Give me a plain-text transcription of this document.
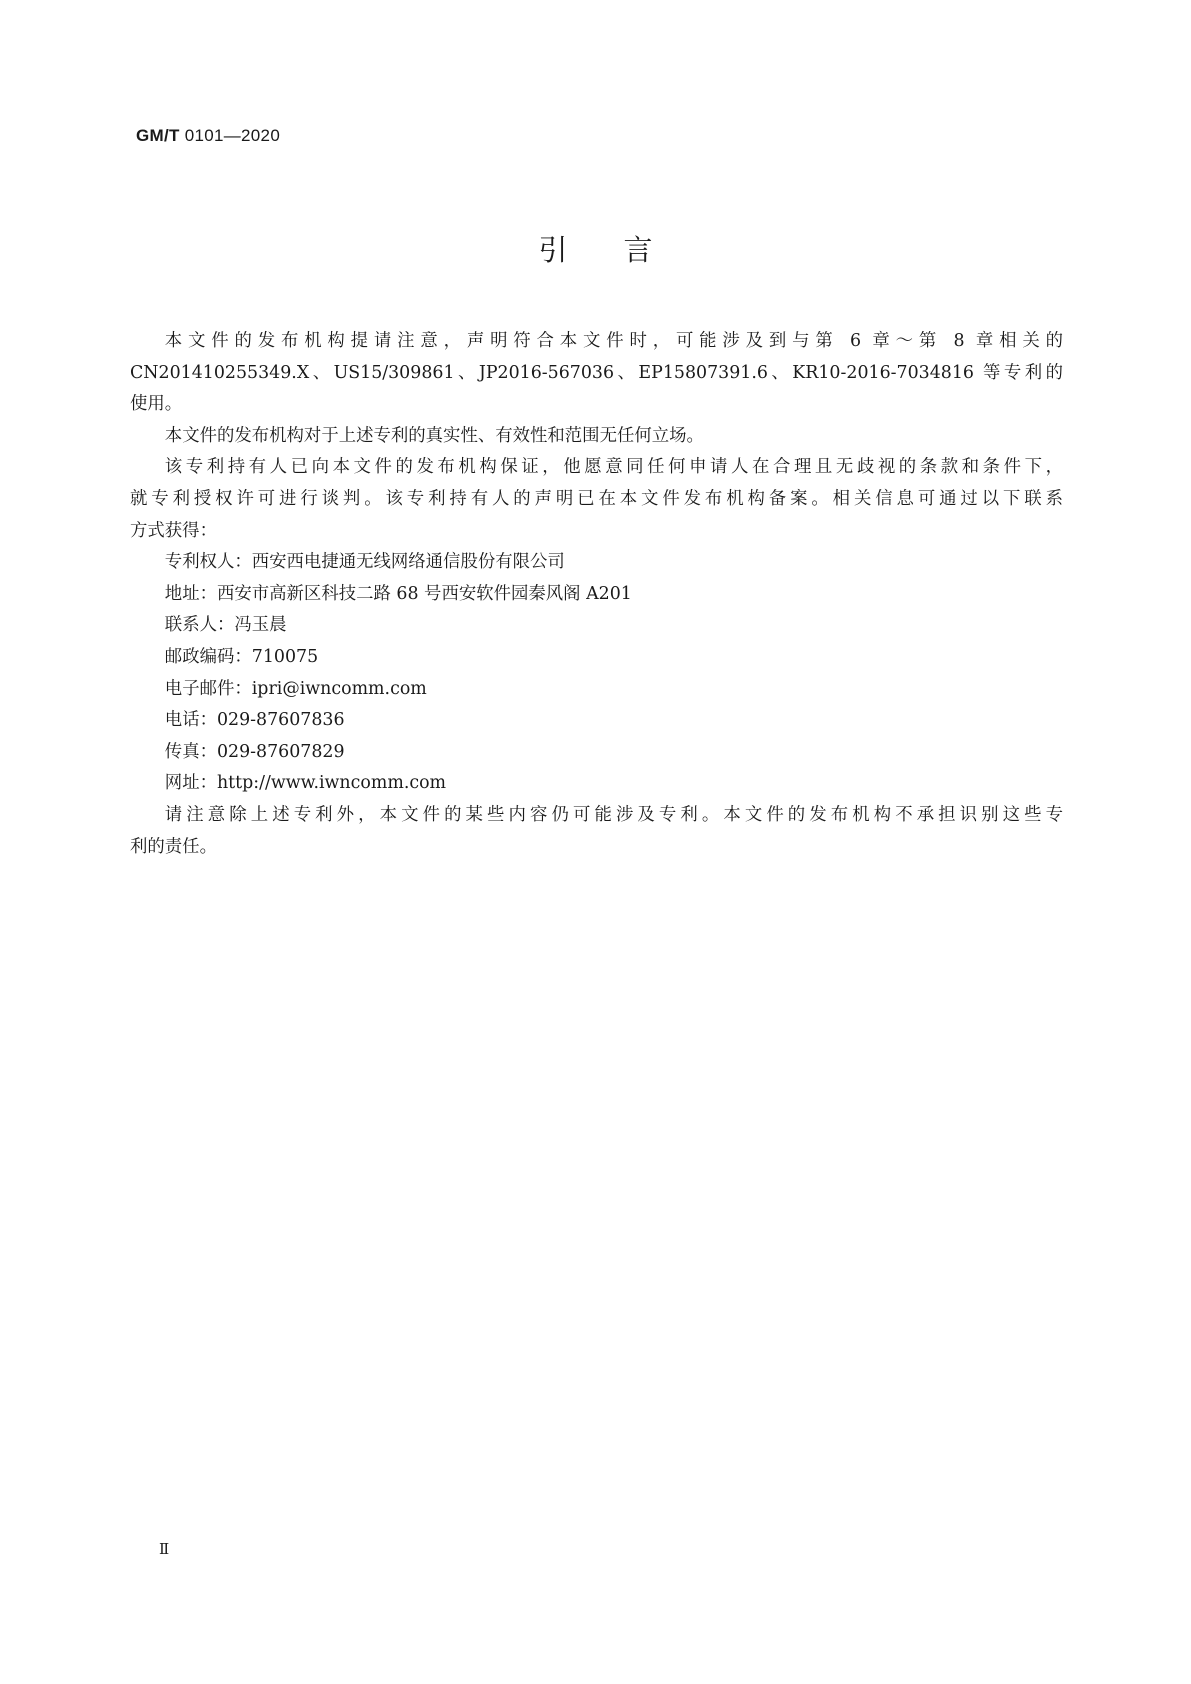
GM/T 0101—2020
引言

本文件的发布机构提请注意，声明符合本文件时，可能涉及到与第 6 章～第 8 章相关的

CN201410255349.X、US15/309861、JP2016-567036、EP15807391.6、KR10-2016-7034816 等专利的

使用。

本文件的发布机构对于上述专利的真实性、有效性和范围无任何立场。

该专利持有人已向本文件的发布机构保证，他愿意同任何申请人在合理且无歧视的条款和条件下，

就专利授权许可进行谈判。该专利持有人的声明已在本文件发布机构备案。相关信息可通过以下联系

方式获得：

专利权人：西安西电捷通无线网络通信股份有限公司

地址：西安市高新区科技二路 68 号西安软件园秦风阁 A201

联系人：冯玉晨

邮政编码：710075

电子邮件：ipri@iwncomm.com

电话：029-87607836

传真：029-87607829

网址：http://www.iwncomm.com

请注意除上述专利外，本文件的某些内容仍可能涉及专利。本文件的发布机构不承担识别这些专

利的责任。

Ⅱ
